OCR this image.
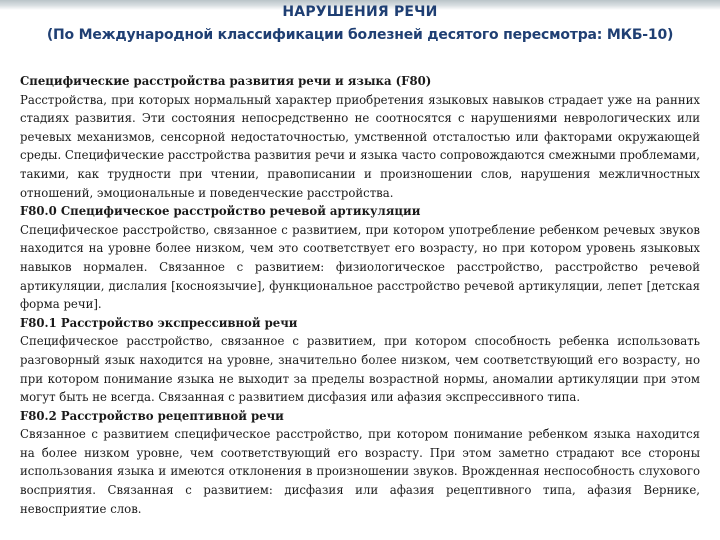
НАРУШЕНИЯ РЕЧИ
(По Международной классификации болезней десятого пересмотра: МКБ-10)

Специфические расстройства развития речи и языка (F80)

Расстройства, при которых нормальный характер приобретения языковых навыков страдает уже на ранних стадиях развития. Эти состояния непосредственно не соотносятся с нарушениями неврологических или речевых механизмов, сенсорной недостаточностью, умственной отсталостью или факторами окружающей среды. Специфические расстройства развития речи и языка часто сопровождаются смежными проблемами, такими, как трудности при чтении, правописании и произношении слов, нарушения межличностных отношений, эмоциональные и поведенческие расстройства.

F80.0 Специфическое расстройство речевой артикуляции

Специфическое расстройство, связанное с развитием, при котором употребление ребенком речевых звуков находится на уровне более низком, чем это соответствует его возрасту, но при котором уровень языковых навыков нормален. Связанное с развитием: физиологическое расстройство, расстройство речевой артикуляции, дислалия [косноязычие], функциональное расстройство речевой артикуляции, лепет [детская форма речи].

F80.1 Расстройство экспрессивной речи

Специфическое расстройство, связанное с развитием, при котором способность ребенка использовать разговорный язык находится на уровне, значительно более низком, чем соответствующий его возрасту, но при котором понимание языка не выходит за пределы возрастной нормы, аномалии артикуляции при этом могут быть не всегда. Связанная с развитием дисфазия или афазия экспрессивного типа.

F80.2 Расстройство рецептивной речи

Связанное с развитием специфическое расстройство, при котором понимание ребенком языка находится на более низком уровне, чем соответствующий его возрасту. При этом заметно страдают все стороны использования языка и имеются отклонения в произношении звуков. Врожденная неспособность слухового восприятия. Связанная с развитием: дисфазия или афазия рецептивного типа, афазия Вернике, невосприятие слов.
